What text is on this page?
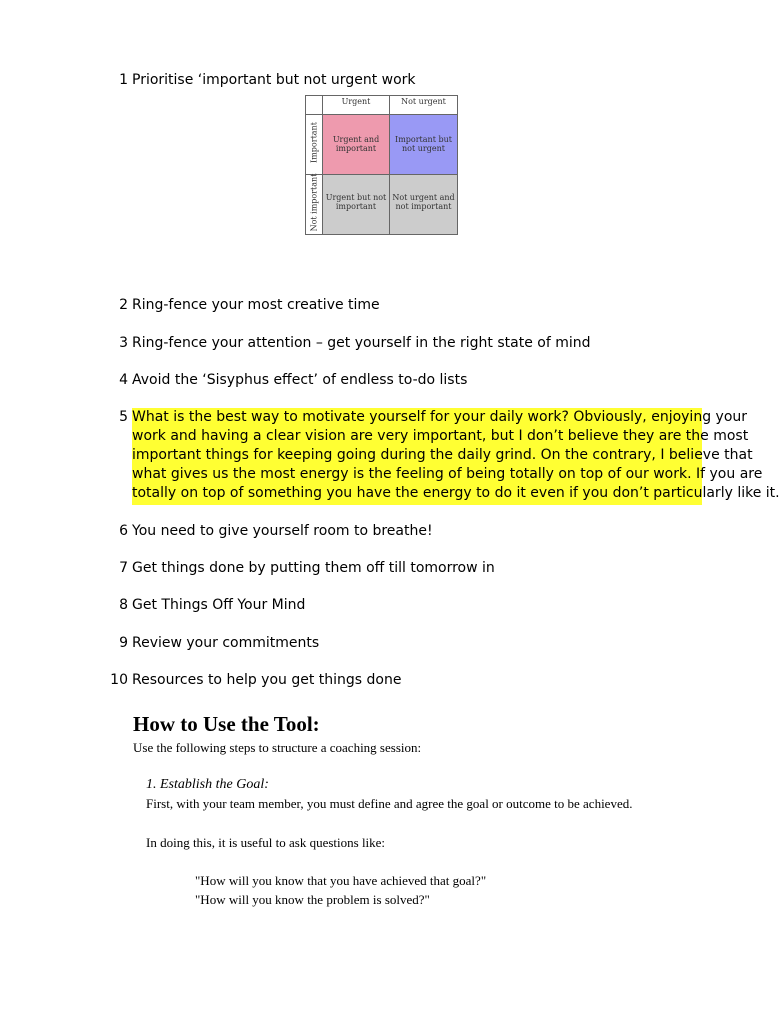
1 Prioritise ‘important but not urgent work
Urgent	Not urgent
Important
Not important
Urgent and
important
Important but
not urgent
Urgent but not
important
Not urgent and
not important
2 Ring-fence your most creative time
3 Ring-fence your attention – get yourself in the right state of mind
4 Avoid the ‘Sisyphus effect’ of endless to-do lists
5 What is the best way to motivate yourself for your daily work? Obviously, enjoying your
work and having a clear vision are very important, but I don’t believe they are the most
important things for keeping going during the daily grind. On the contrary, I believe that
what gives us the most energy is the feeling of being totally on top of our work. If you are
totally on top of something you have the energy to do it even if you don’t particularly like it.
6 You need to give yourself room to breathe!
7 Get things done by putting them off till tomorrow in
8 Get Things Off Your Mind
9 Review your commitments
10 Resources to help you get things done
How to Use the Tool:
Use the following steps to structure a coaching session:
1. Establish the Goal:
First, with your team member, you must define and agree the goal or outcome to be achieved.
In doing this, it is useful to ask questions like:
"How will you know that you have achieved that goal?"
"How will you know the problem is solved?"
